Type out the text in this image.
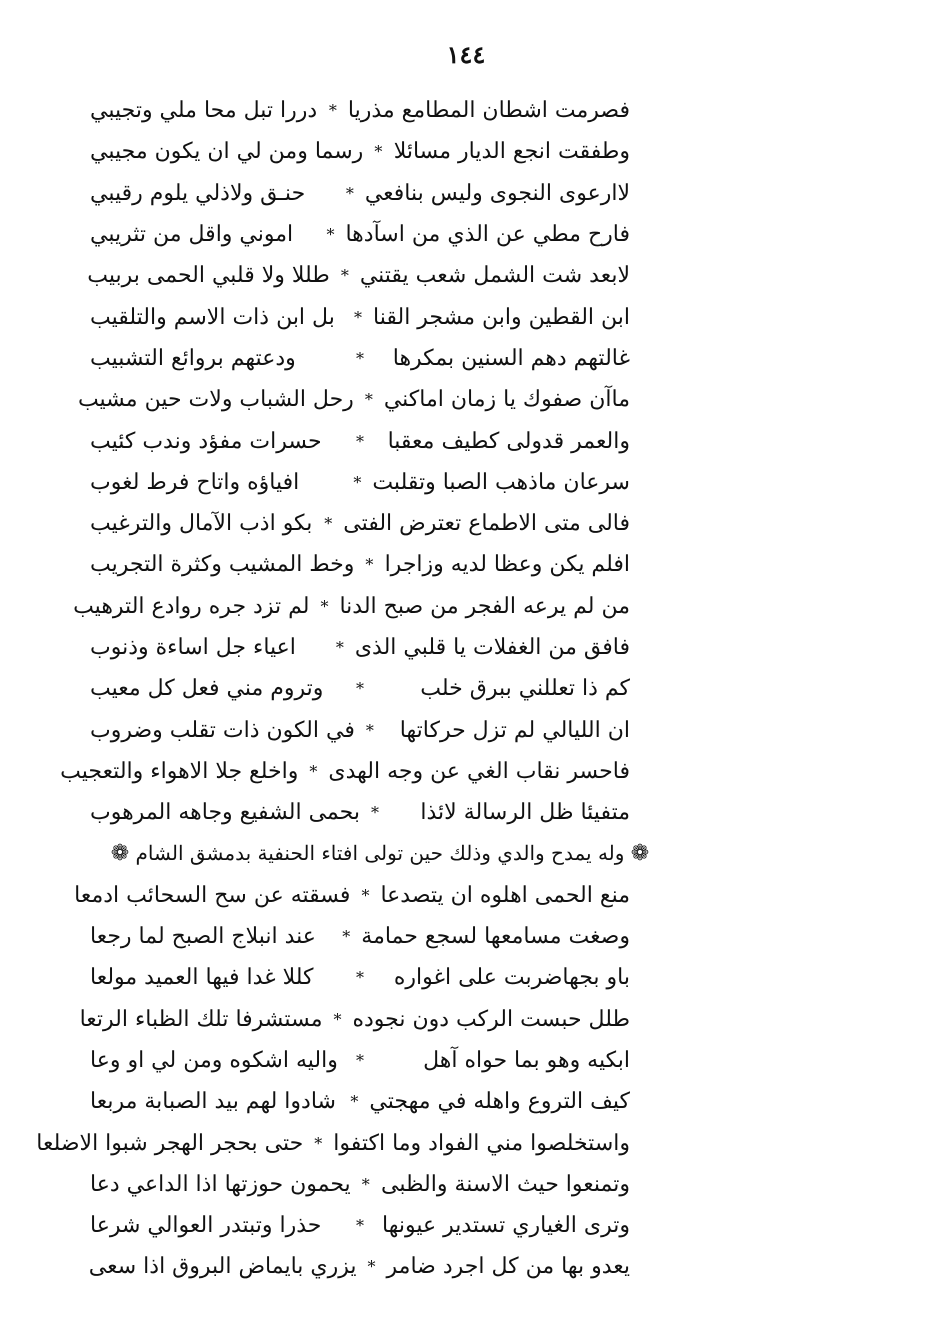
١٤٤
فصرمت اشطان المطامع مذريا
*
دررا تبل محا ملي وتجيبي
وطفقت انجع الديار مسائلا
*
رسما ومن لي ان يكون مجيبي
لاارعوى النجوى وليس بنافعي
*
حنـق ولاذلي يلوم رقيبي
فارح مطي عن الذي من اسآدها
*
اموني واقل من تثريبي
لابعد شت الشمل شعب يقتني
*
طللا ولا قلبي الحمى بربيب
ابن القطين وابن مشجر القنا
*
بل ابن ذات الاسم والتلقيب
غالتهم دهم السنين بمكرها
*
ودعتهم بروائع التشبيب
ماآن صفوك يا زمان اماكني
*
رحل الشباب ولات حين مشيب
والعمر قدولى كطيف معقبا
*
حسرات مفؤد وندب كئيب
سرعان ماذهب الصبا وتقلبت
*
افياؤه واتاح فرط لغوب
فالى متى الاطماع تعترض الفتى
*
بكو اذب الآمال والترغيب
افلم يكن وعظا لديه وزاجرا
*
وخط المشيب وكثرة التجريب
من لم يرعه الفجر من صبح الدنا
*
لم تزد جره روادع الترهيب
فافق من الغفلات يا قلبي الذى
*
اعياء جل اساءة وذنوب
كم ذا تعللني ببرق خلب
*
وتروم مني فعل كل معيب
ان الليالي لم تزل حركاتها
*
في الكون ذات تقلب وضروب
فاحسر نقاب الغي عن وجه الهدى
*
واخلع جلا الاهواء والتعجيب
متفيئا ظل الرسالة لائذا
*
بحمى الشفيع وجاهه المرهوب
❁ وله يمدح والدي وذلك حين تولى افتاء الحنفية بدمشق الشام ❁
منع الحمى اهلوه ان يتصدعا
*
فسقته عن سح السحائب ادمعا
وصغت مسامعها لسجع حمامة
*
عند انبلاج الصبح لما رجعا
باو بجهاضربت على اغواره
*
كللا غدا فيها العميد مولعا
طلل حبست الركب دون نجوده
*
مستشرفا تلك الظباء الرتعا
ابكيه وهو بما حواه آهل
*
واليه اشكوه ومن لي او وعا
كيف التروع واهله في مهجتي
*
شادوا لهم بيد الصبابة مربعا
واستخلصوا مني الفواد وما اكتفوا
*
حتى بحجر الهجر شبوا الاضلعا
وتمنعوا حيث الاسنة والظبى
*
يحمون حوزتها اذا الداعي دعا
وترى الغياري تستدير عيونها
*
حذرا وتبتدر العوالي شرعا
يعدو بها من كل اجرد ضامر
*
يزري بايماض البروق اذا سعى
